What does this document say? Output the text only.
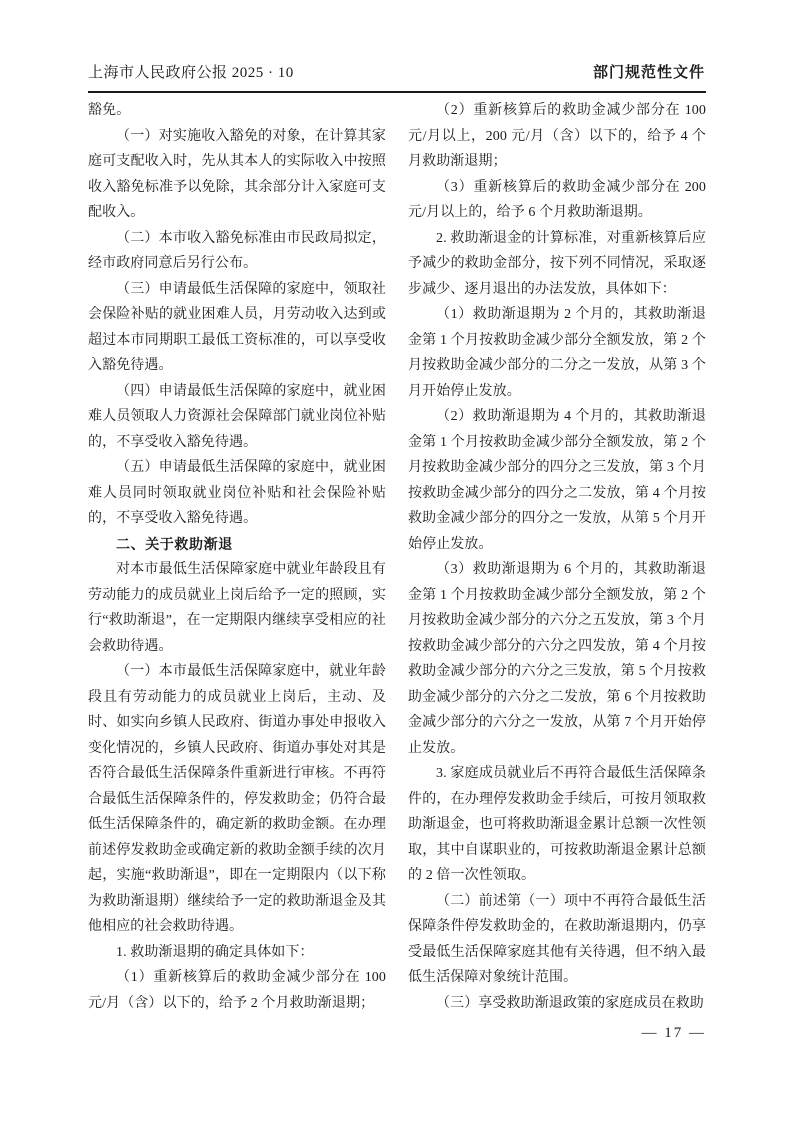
上海市人民政府公报 2025 · 10	部门规范性文件

豁免。

（一）对实施收入豁免的对象，在计算其家庭可支配收入时，先从其本人的实际收入中按照收入豁免标准予以免除，其余部分计入家庭可支配收入。

（二）本市收入豁免标准由市民政局拟定，经市政府同意后另行公布。

（三）申请最低生活保障的家庭中，领取社会保险补贴的就业困难人员，月劳动收入达到或超过本市同期职工最低工资标准的，可以享受收入豁免待遇。

（四）申请最低生活保障的家庭中，就业困难人员领取人力资源社会保障部门就业岗位补贴的，不享受收入豁免待遇。

（五）申请最低生活保障的家庭中，就业困难人员同时领取就业岗位补贴和社会保险补贴的，不享受收入豁免待遇。

二、关于救助渐退

对本市最低生活保障家庭中就业年龄段且有劳动能力的成员就业上岗后给予一定的照顾，实行“救助渐退”，在一定期限内继续享受相应的社会救助待遇。

（一）本市最低生活保障家庭中，就业年龄段且有劳动能力的成员就业上岗后，主动、及时、如实向乡镇人民政府、街道办事处申报收入变化情况的，乡镇人民政府、街道办事处对其是否符合最低生活保障条件重新进行审核。不再符合最低生活保障条件的，停发救助金；仍符合最低生活保障条件的，确定新的救助金额。在办理前述停发救助金或确定新的救助金额手续的次月起，实施“救助渐退”，即在一定期限内（以下称为救助渐退期）继续给予一定的救助渐退金及其他相应的社会救助待遇。

1. 救助渐退期的确定具体如下：

（1）重新核算后的救助金减少部分在 100 元/月（含）以下的，给予 2 个月救助渐退期；

（2）重新核算后的救助金减少部分在 100 元/月以上，200 元/月（含）以下的，给予 4 个月救助渐退期；

（3）重新核算后的救助金减少部分在 200 元/月以上的，给予 6 个月救助渐退期。

2. 救助渐退金的计算标准，对重新核算后应予减少的救助金部分，按下列不同情况，采取逐步减少、逐月退出的办法发放，具体如下：

（1）救助渐退期为 2 个月的，其救助渐退金第 1 个月按救助金减少部分全额发放，第 2 个月按救助金减少部分的二分之一发放，从第 3 个月开始停止发放。

（2）救助渐退期为 4 个月的，其救助渐退金第 1 个月按救助金减少部分全额发放，第 2 个月按救助金减少部分的四分之三发放，第 3 个月按救助金减少部分的四分之二发放，第 4 个月按救助金减少部分的四分之一发放，从第 5 个月开始停止发放。

（3）救助渐退期为 6 个月的，其救助渐退金第 1 个月按救助金减少部分全额发放，第 2 个月按救助金减少部分的六分之五发放，第 3 个月按救助金减少部分的六分之四发放，第 4 个月按救助金减少部分的六分之三发放，第 5 个月按救助金减少部分的六分之二发放，第 6 个月按救助金减少部分的六分之一发放，从第 7 个月开始停止发放。

3. 家庭成员就业后不再符合最低生活保障条件的，在办理停发救助金手续后，可按月领取救助渐退金，也可将救助渐退金累计总额一次性领取，其中自谋职业的，可按救助渐退金累计总额的 2 倍一次性领取。

（二）前述第（一）项中不再符合最低生活保障条件停发救助金的，在救助渐退期内，仍享受最低生活保障家庭其他有关待遇，但不纳入最低生活保障对象统计范围。

（三）享受救助渐退政策的家庭成员在救助

— 17 —
